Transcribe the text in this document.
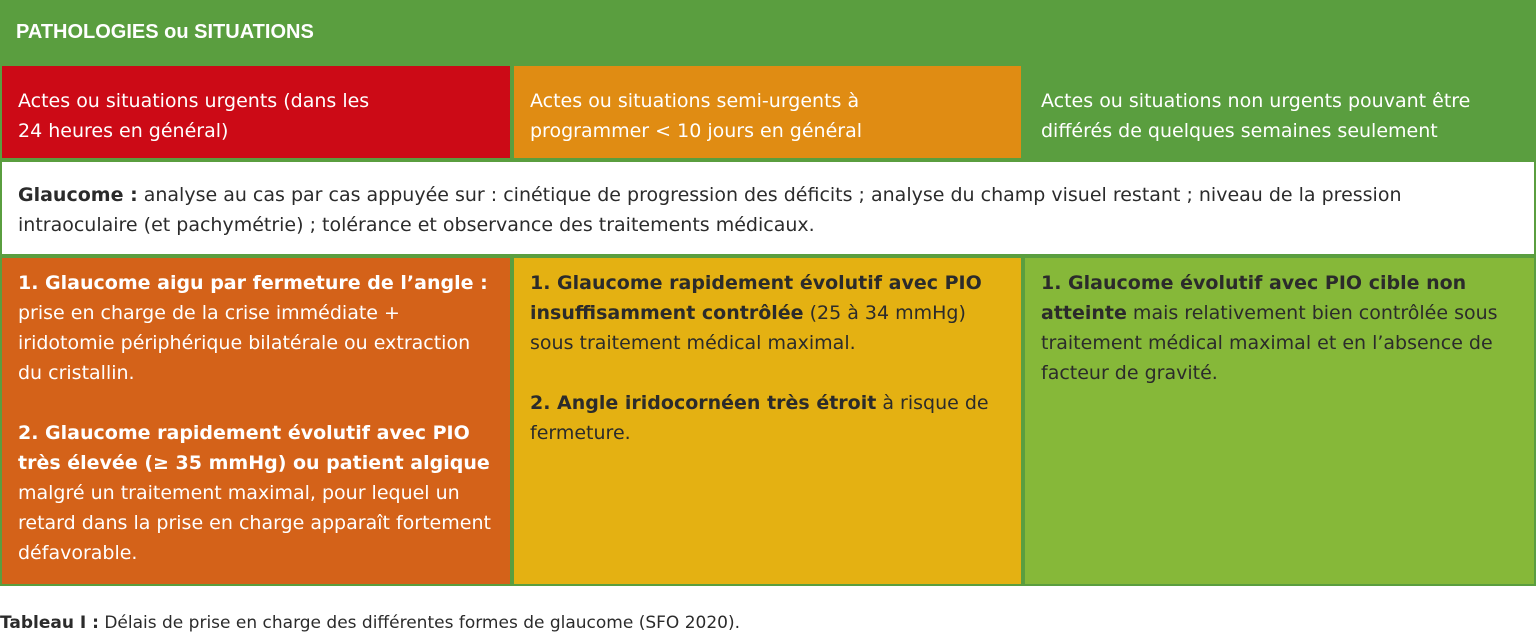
PATHOLOGIES ou SITUATIONS
Actes ou situations urgents (dans les
24 heures en général)
Actes ou situations semi-urgents à
programmer < 10 jours en général
Actes ou situations non urgents pouvant être
différés de quelques semaines seulement
Glaucome : analyse au cas par cas appuyée sur : cinétique de progression des déficits ; analyse du champ visuel restant ; niveau de la pression intraoculaire (et pachymétrie) ; tolérance et observance des traitements médicaux.
1. Glaucome aigu par fermeture de l’angle : prise en charge de la crise immédiate + iridotomie périphérique bilatérale ou extraction du cristallin.
2. Glaucome rapidement évolutif avec PIO très élevée (≥ 35 mmHg) ou patient algique malgré un traitement maximal, pour lequel un retard dans la prise en charge apparaît fortement défavorable.
1. Glaucome rapidement évolutif avec PIO insuffisamment contrôlée (25 à 34 mmHg) sous traitement médical maximal.
2. Angle iridocornéen très étroit à risque de fermeture.
1. Glaucome évolutif avec PIO cible non atteinte mais relativement bien contrôlée sous traitement médical maximal et en l’absence de facteur de gravité.
Tableau I : Délais de prise en charge des différentes formes de glaucome (SFO 2020).
